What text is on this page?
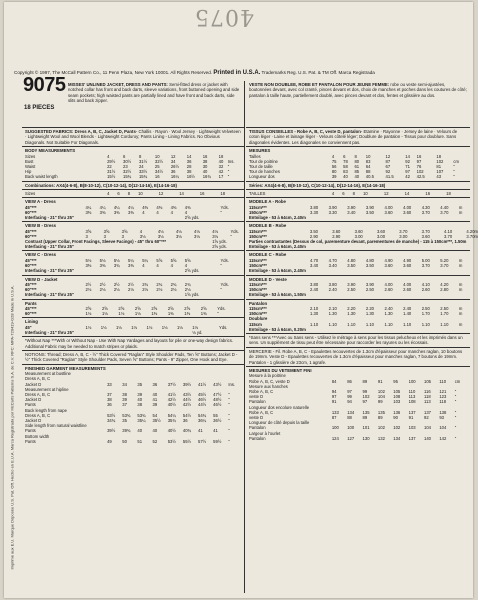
4075
Copyright © 1997, The McCall Pattern Co., 11 Penn Plaza, New York 10001. All Rights Reserved. Printed in U.S.A. Trademarks Reg. U.S. Pat. & TM Off. Marca Registrada
Imprimé aux E.U. Marque Déposée U.S. Pat. Off. Hecho en E.U.A. Marca Registrada por McCall's Patterns S.A. de C.V. RFC: MPA-720419-G28 Made in U.S.A.
9075
18 PIECES
MISSES' UNLINED JACKET, DRESS AND PANTS: Semi-fitted dress or jacket with notched collar has front and back darts, sleeve variations, front buttoned opening and side seam pockets; high waisted pants are partially lined and have front and back darts, side slits and back zipper.
SUGGESTED FABRICS: Dress A, B, C, Jacket D, Pants- Challis · Rayon · Wool Jersey · Lightweight Velveteen · Lightweight Wool and Wool Blends · Lightweight Corduroy; Pants Lining - Lining Fabrics. No Obvious Diagonals. Not Suitable For Diagonals.
BODY MEASUREMENTS
Sizes	4	6	8	10	12	14	16	18	
Bust	29½	30½	31½	32½	34	36	38	40	Ins.
Waist	22	23	24	25	26½	28	30	32	"
Hip	31½	32½	33½	34½	36	38	40	42	"
Back waist length	15½	15¾	15¾	16	16¼	16½	16¾	17	"
Combinations: AX4(4-6-8), B(8-10-12), C(10-12-14), D(12-14-16), E(14-16-18)
Sizes	4	6	8	10	12	14	16	18	
VIEW A - Dress
45"***	4¼	4¼	4¼	4¼	4⅜	4⅜	4⅜	4⅜	Yds.
60"***	3⅜	3⅜	3⅜	3⅜	4	4	4	4	"
Interfacing - 21" thru 25"								2⅝ yds.	
VIEW B - Dress
45"***	3⅝	3⅝	3⅝	4	4⅛	4⅛	4⅛	4⅛	Yds.
60"***	3	3	3	3⅛	3⅛	3⅛	3⅛	3⅛	"
Contrast (Upper Collar, Front Facings, Sleeve Facings) - 45" thru 60"***								1⅝ yds.	
Interfacing - 21" thru 25"								2⅝ yds.	
VIEW C - Dress
45"***	5⅛	5⅛	5⅛	5¼	5¼	5⅝	5⅝	5⅝	Yds.
60"***	3⅜	3⅜	3¾	3⅜	4	4	4	4	"
Interfacing - 21" thru 25"								2⅝ yds.	
VIEW D - Jacket
45"***	2½	2½	2½	2½	2¾	2¾	2¾	2¾	Yds.
60"***	2⅛	2⅛	2⅛	2⅛	2⅛	2⅛	2⅛	2⅛	"
Interfacing - 21" thru 25"								1⅝ yds.	
Pants
45"***	2⅝	2⅝	2⅝	2⅝	2⅝	2⅝	2⅝	2⅝	Yds.
60"***	1⅛	1⅛	1⅛	1⅛	1⅜	1⅜	1⅜	1⅜	"
Lining
45"	1⅛	1⅛	1⅛	1⅛	1⅛	1⅛	1⅛	1⅛	Yds.
Interfacing - 21" thru 25"								⅛ yd.	
*Without Nap ***With or Without Nap - Use With Nap Yardages and layouts for pile or one-way design fabrics. Additional Fabric may be needed to match stripes or plaids.
NOTIONS: Thread; Dress A, B, C - ½" Thick Covered "Raglan" Style Shoulder Pads, Ten ⅝" Buttons; Jacket D - ½" Thick Covered "Raglan" Style Shoulder Pads, Seven ⅝" Buttons; Pants - 9" Zipper, One Hook and Eye.
FINISHED GARMENT MEASUREMENTS
Measurement at bustline									
Dress A, B, C									
Jacket D	33	34	35	36	37½	39½	41½	43½	Ins.
Measurement at hipline									
Dress A, B, C	37	38	39	40	41½	43½	45½	47½	"
Jacket D	38	39	40	41	42½	44½	46½	48½	"
Pants	36	37	38	39	40½	42½	44½	46½	"
Back length from nape									
Dress A, B, C	53½	53¾	53¾	54	54¼	54½	54¾	55	"
Jacket D	34¾	35	35¼	35½	35¾	36	36¼	36½	"
Side length from natural waistline									
Pants	39½	39¾	40	40	40½	40¾	41	41	"
Bottom width									
Pants	49	50	51	52	53½	55½	57½	59½	"
VESTE NON DOUBLEE, ROBE ET PANTALON POUR JEUNE FEMME: robe ou veste semi-ajustées, boutonnées devant, avec col cranté, pinces devant et dos, choix de manches et poches dans les coutures de côté; pantalon à taille haute, partiellement doublé, avec pinces devant et dos, fentes et glissière au dos.
TISSUS CONSEILLES - Robe A, B, C, veste D, pantalon- Etamine · Rayonne · Jersey de laine · Velours de coton léger · Laine et lainage léger · Velours côtelé léger; Doublure de pantalon - Tissus pour doublure. Sans diagonales évidentes. Les diagonales ne conviennent pas.
MESURES
Tailles	4	6	8	10	12	14	16	18	
Tour de poitrine	75	78	80	83	87	92	97	102	cm
Tour de taille	56	58	61	64	67	71	76	81	"
Tour de hanches	80	83	85	88	92	97	102	107	"
Longueur dos	39	40	40	40.5	41.5	42	42.5	43	"
Séries: AX4(4-6-8), B(8-10-12), C(10-12-14), D(12-14-16), E(14-16-18)
TAILLES	4	6	8	10	12	14	16	18	
MODELE A - Robe
115cm***	3.80	3.90	3.90	3.90	4.00	4.00	4.30	4.40	m
150cm***	3.30	3.30	3.40	3.50	3.60	3.60	3.70	3.70	m
Entoilage - 53 à 64cm, 2.40m									
MODELE B - Robe
115cm***	3.50	3.60	3.60	3.60	3.70	3.70	4.10	4.20	m
150cm***	2.90	2.90	3.00	3.00	3.00	3.60	3.70	3.70	m
Parties contrastantes (Dessus de col, parementure devant, parementures de manche) - 115 à 150cm***, 1.50m									
Entoilage - 53 à 64cm, 2.40m									
MODELE C - Robe
115cm***	4.70	4.70	4.80	4.80	4.90	4.90	5.00	5.20	m
150cm***	3.40	3.40	3.50	3.50	3.60	3.60	3.70	3.70	m
Entoilage - 53 à 64cm, 2.40m									
MODELE D - Veste
115cm***	3.80	3.80	3.90	3.90	4.00	4.00	4.10	4.20	m
150cm***	2.40	2.40	2.50	2.50	2.60	2.60	2.60	2.80	m
Entoilage - 53 à 64cm, 1.50m									
Pantalon
115cm***	2.10	2.10	2.20	2.20	2.40	2.40	2.50	2.50	m
150cm***	1.30	1.30	1.30	1.30	1.30	1.40	1.70	1.70	m
Doublure									
115cm	1.10	1.10	1.10	1.10	1.10	1.10	1.10	1.10	m
Entoilage - 53 à 64cm, 0.20m									
*Sans sens ***Avec ou Sans sens - Utilisez le métrage à sens pour les tissus pelucheux et les imprimés dans un sens. Un supplément de tissu peut être nécessaire pour raccorder les rayures ou les écossais.
MERCERIE - Fil. Robe A, B, C - Epaulettes recouvertes de 1.3cm d'épaisseur pour manches raglan, 10 boutons de 19mm. Veste D - Epaulettes recouvertes de 1.3cm d'épaisseur pour manches raglan, 7 boutons de 19mm. Pantalon - 1 glissière de 23cm, 1 agrafe.
MESURES DU VETEMENT FINI
Mesure à la poitrine									
Robe A, B, C, veste D	84	86	89	91	95	100	105	110	cm
Mesure aux hanches									
Robe A, B, C	94	97	99	102	105	110	116	121	"
veste D	97	99	102	104	108	113	118	123	"
Pantalon	91	94	97	99	103	108	113	118	"
Longueur dos encolure naturelle									
Robe A, B, C	133	134	135	135	136	137	137	138	"
veste D	87	88	89	89	90	91	92	93	"
Longueur de côté depuis la taille									
Pantalon	100	100	101	102	102	103	104	104	"
Largeur à l'ourlet									
Pantalon	124	127	130	132	134	137	140	142	"
